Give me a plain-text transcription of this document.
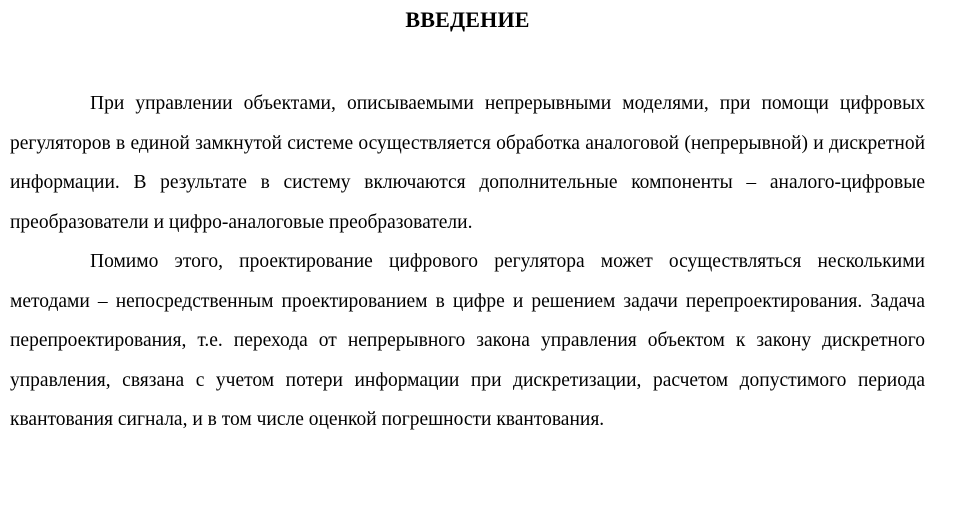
ВВЕДЕНИЕ

При управлении объектами, описываемыми непрерывными моделями, при помощи цифровых регуляторов в единой замкнутой системе осуществляется обработка аналоговой (непрерывной) и дискретной информации. В результате в систему включаются дополнительные компоненты – аналого-цифровые преобразователи и цифро-аналоговые преобразователи.

Помимо этого, проектирование цифрового регулятора может осуществляться несколькими методами – непосредственным проектированием в цифре и решением задачи перепроектирования. Задача перепроектирования, т.е. перехода от непрерывного закона управления объектом к закону дискретного управления, связана с учетом потери информации при дискретизации, расчетом допустимого периода квантования сигнала, и в том числе оценкой погрешности квантования.
